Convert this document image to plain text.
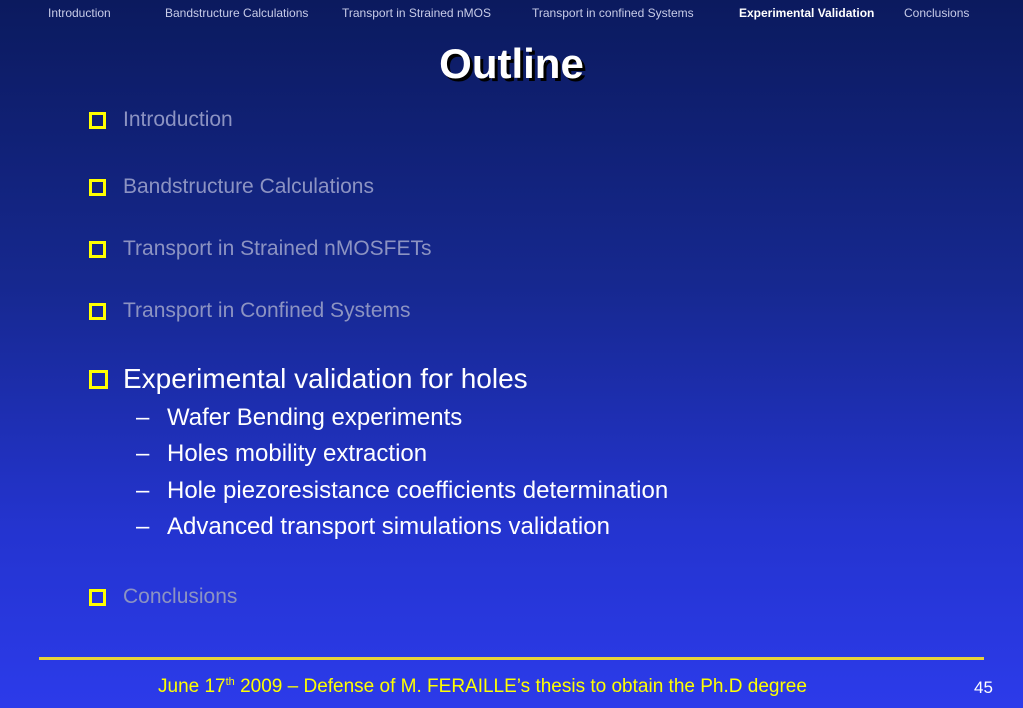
Introduction	Bandstructure Calculations	Transport in Strained nMOS	Transport in confined Systems	Experimental Validation Conclusions
Outline
Introduction
Bandstructure Calculations
Transport in Strained nMOSFETs
Transport in Confined Systems
Experimental validation for holes
– Wafer Bending experiments
– Holes mobility extraction
– Hole piezoresistance coefficients determination
– Advanced transport simulations validation
Conclusions
June 17th 2009 – Defense of M. FERAILLE’s thesis to obtain the Ph.D degree	45
